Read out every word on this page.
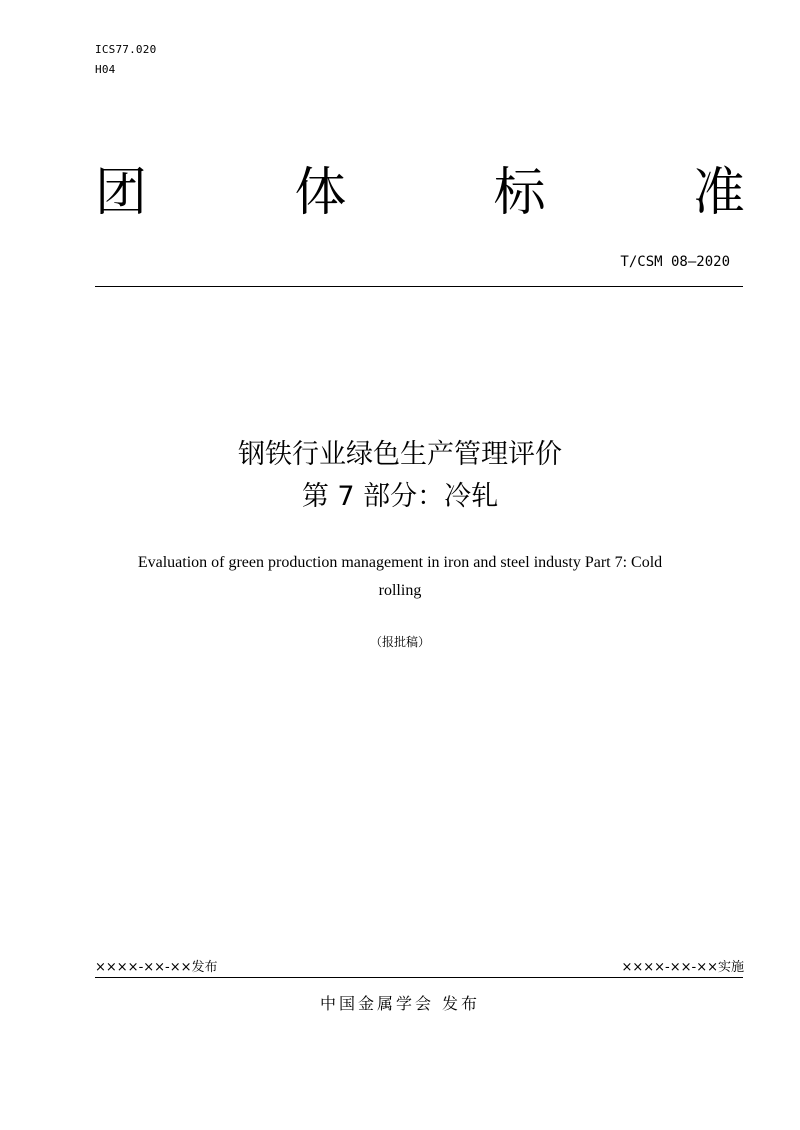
ICS77.020
H04
团	体	标	准
T/CSM 08—2020
钢铁行业绿色生产管理评价
第 7 部分：冷轧
Evaluation of green production management in iron and steel industy Part 7: Cold
rolling
（报批稿）
××××-××-××发布	××××-××-××实施
中国金属学会 发布
